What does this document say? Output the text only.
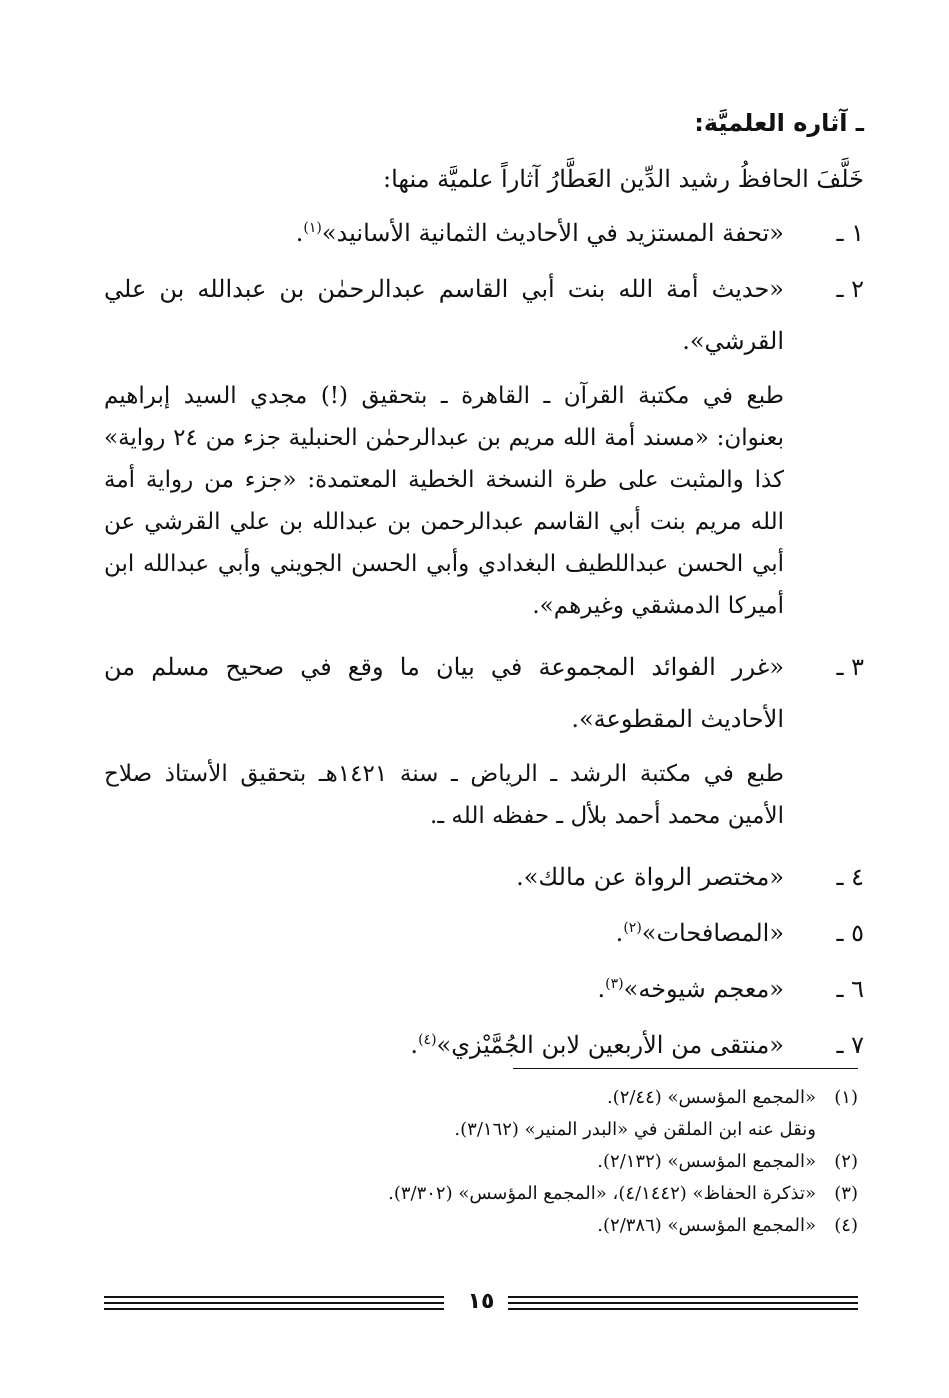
ـ آثاره العلميَّة:

خَلَّفَ الحافظُ رشيد الدِّين العَطَّارُ آثاراً علميَّة منها:

١ ـ
«تحفة المستزيد في الأحاديث الثمانية الأسانيد»$^{(١)}$.
٢ ـ
«حديث أمة الله بنت أبي القاسم عبدالرحمٰن بن عبدالله بن علي القرشي».

طبع في مكتبة القرآن ـ القاهرة ـ بتحقيق (!) مجدي السيد إبراهيم بعنوان: «مسند أمة الله مريم بن عبدالرحمٰن الحنبلية جزء من ٢٤ رواية» كذا والمثبت على طرة النسخة الخطية المعتمدة: «جزء من رواية أمة الله مريم بنت أبي القاسم عبدالرحمن بن عبدالله بن علي القرشي عن أبي الحسن عبداللطيف البغدادي وأبي الحسن الجويني وأبي عبدالله ابن أميركا الدمشقي وغيرهم».

٣ ـ
«غرر الفوائد المجموعة في بيان ما وقع في صحيح مسلم من الأحاديث المقطوعة».

طبع في مكتبة الرشد ـ الرياض ـ سنة ١٤٢١هـ بتحقيق الأستاذ صلاح الأمين محمد أحمد بلأل ـ حفظه الله ـ.

٤ ـ
«مختصر الرواة عن مالك».
٥ ـ
«المصافحات»$^{(٢)}$.
٦ ـ
«معجم شيوخه»$^{(٣)}$.
٧ ـ
«منتقى من الأربعين لابن الجُمَّيْزي»$^{(٤)}$.
(١)
«المجمع المؤسس» (٢/٤٤).
ونقل عنه ابن الملقن في «البدر المنير» (٣/١٦٢).
(٢)
«المجمع المؤسس» (٢/١٣٢).
(٣)
«تذكرة الحفاظ» (٤/١٤٤٢)، «المجمع المؤسس» (٣/٣٠٢).
(٤)
«المجمع المؤسس» (٢/٣٨٦).
١٥
